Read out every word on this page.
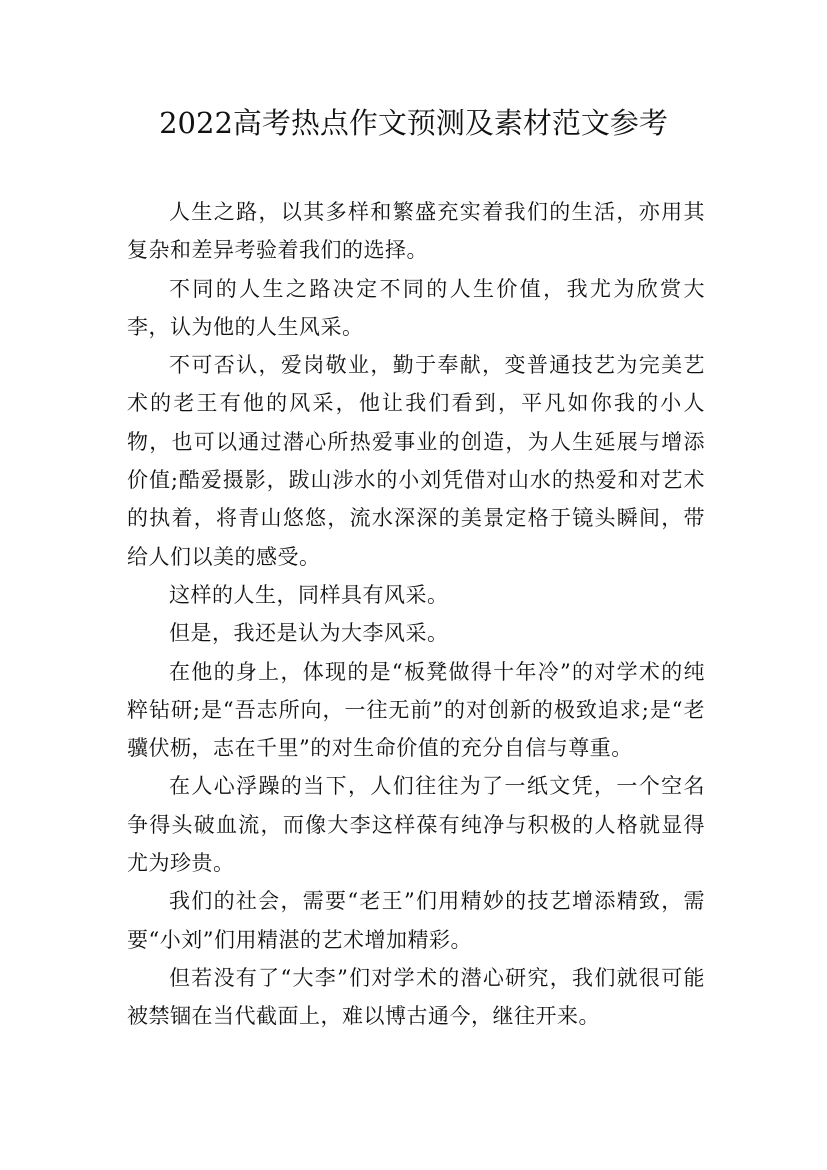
2022高考热点作文预测及素材范文参考

人生之路，以其多样和繁盛充实着我们的生活，亦用其复杂和差异考验着我们的选择。

不同的人生之路决定不同的人生价值，我尤为欣赏大李，认为他的人生风采。

不可否认，爱岗敬业，勤于奉献，变普通技艺为完美艺术的老王有他的风采，他让我们看到，平凡如你我的小人物，也可以通过潜心所热爱事业的创造，为人生延展与增添价值;酷爱摄影，跋山涉水的小刘凭借对山水的热爱和对艺术的执着，将青山悠悠，流水深深的美景定格于镜头瞬间，带给人们以美的感受。

这样的人生，同样具有风采。

但是，我还是认为大李风采。

在他的身上，体现的是“板凳做得十年冷”的对学术的纯粹钻研;是“吾志所向，一往无前”的对创新的极致追求;是“老骥伏枥，志在千里”的对生命价值的充分自信与尊重。

在人心浮躁的当下，人们往往为了一纸文凭，一个空名争得头破血流，而像大李这样葆有纯净与积极的人格就显得尤为珍贵。

我们的社会，需要“老王”们用精妙的技艺增添精致，需要“小刘”们用精湛的艺术增加精彩。

但若没有了“大李”们对学术的潜心研究，我们就很可能被禁锢在当代截面上，难以博古通今，继往开来。
